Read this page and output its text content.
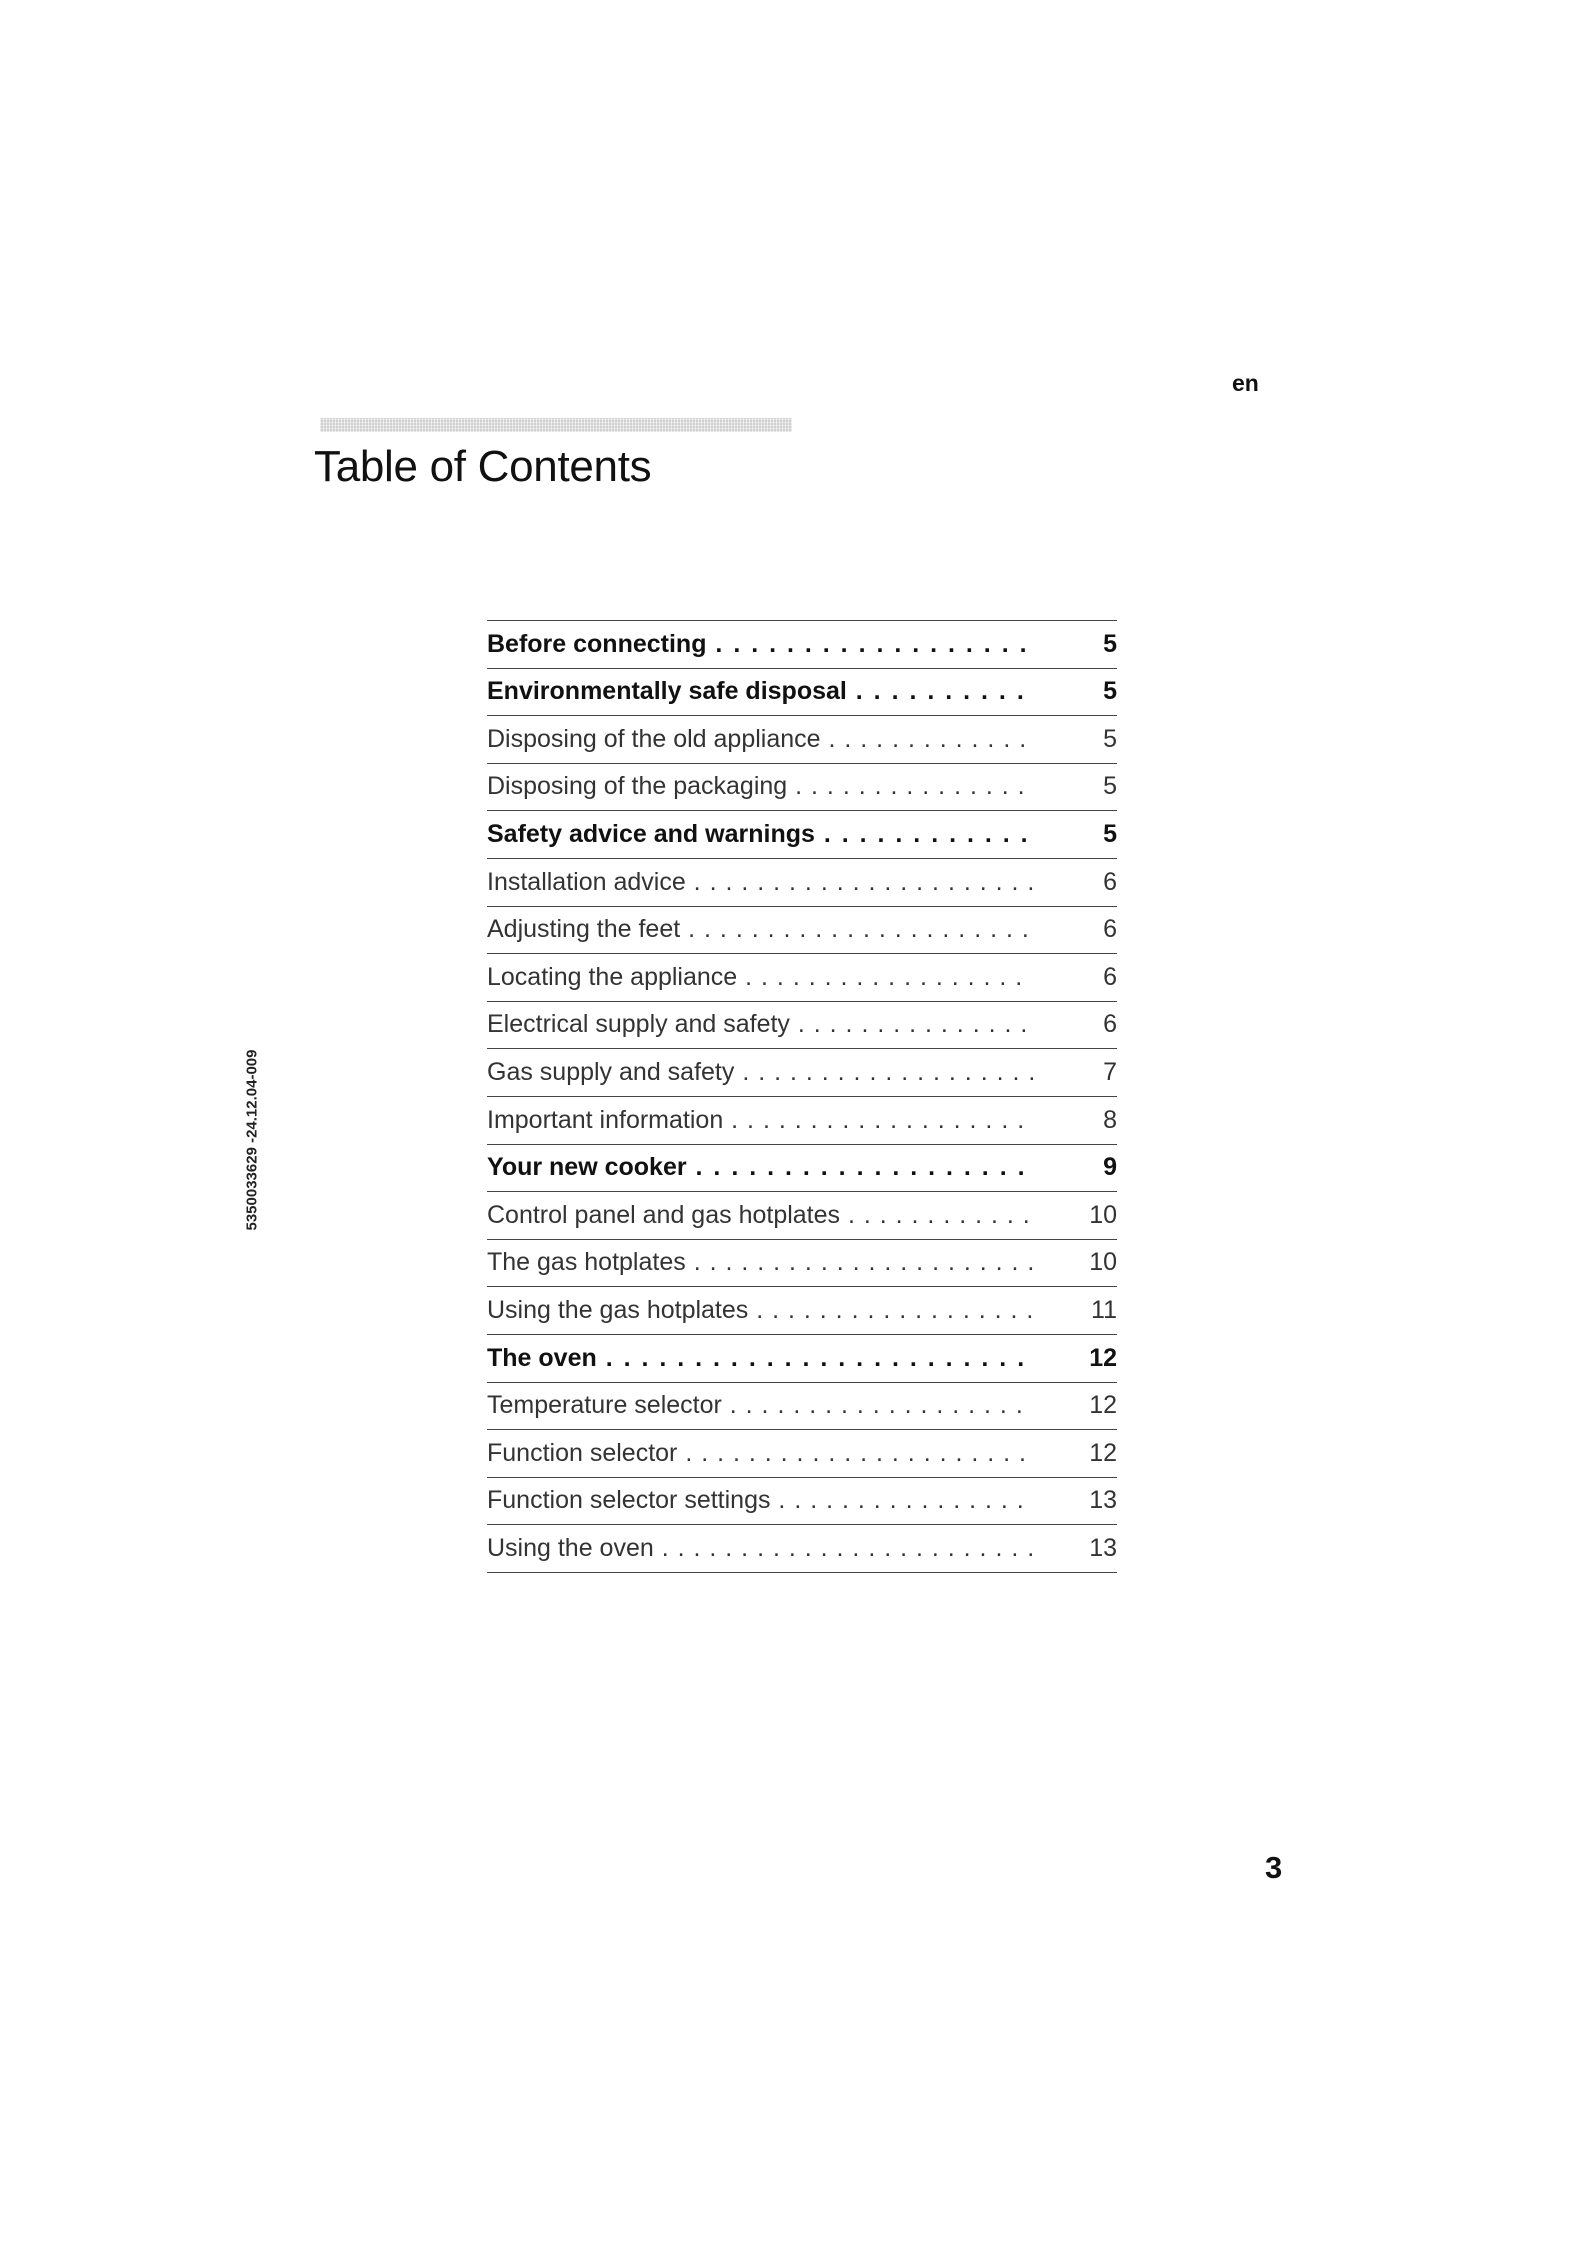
en
Table of Contents
5350033629 -24.12.04-009
Before connecting . . .	5
Environmentally safe disposal . . .	5
Disposing of the old appliance . . .	5
Disposing of the packaging . . .	5
Safety advice and warnings . . .	5
Installation advice . . .	6
Adjusting the feet . . .	6
Locating the appliance . . .	6
Electrical supply and safety . . .	6
Gas supply and safety . . .	7
Important information . . .	8
Your new cooker . . .	9
Control panel and gas hotplates . . .	10
The gas hotplates . . .	10
Using the gas hotplates . . .	11
The oven . . .	12
Temperature selector . . .	12
Function selector . . .	12
Function selector settings . . .	13
Using the oven . . .	13
3
